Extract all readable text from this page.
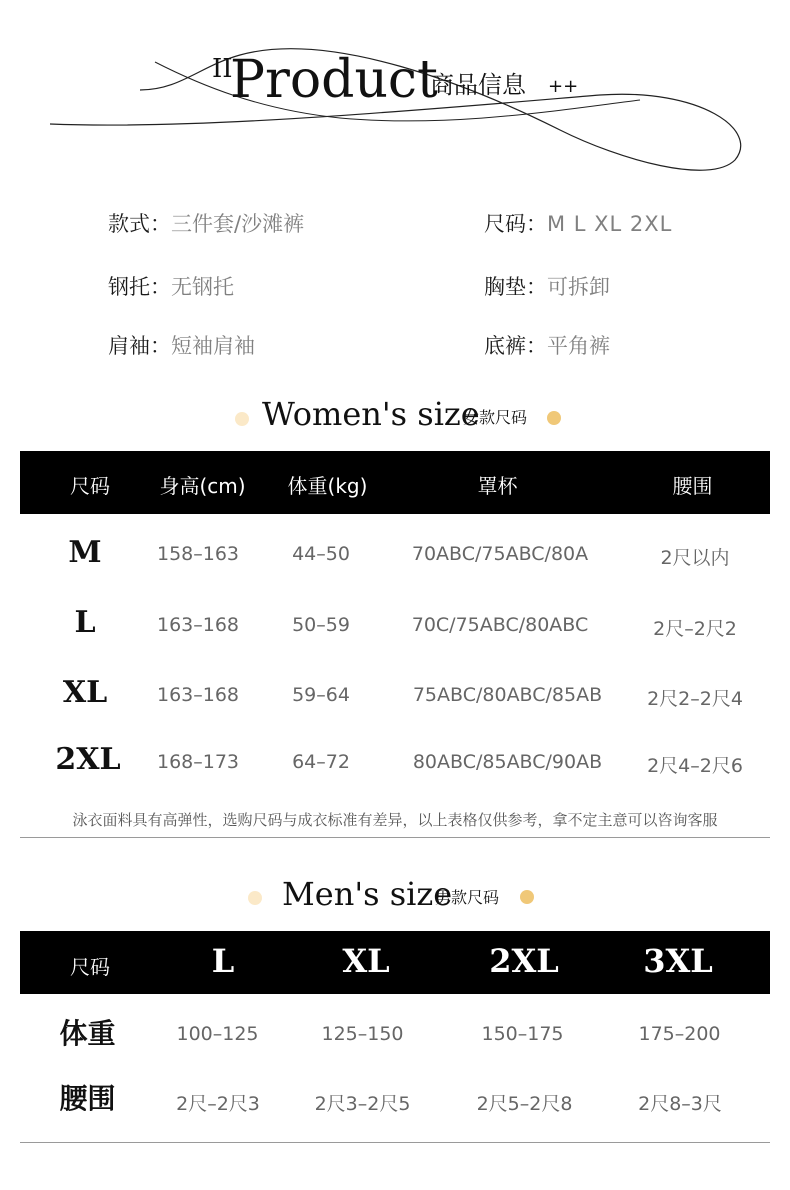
II
Product
商品信息 ++
款式：三件套/沙滩裤	尺码：M L XL 2XL
钢托：无钢托	胸垫：可拆卸
肩袖：短袖肩袖	底裤：平角裤
Women's size
女款尺码
尺码	身高(cm)	体重(kg)	罩杯	腰围
M	158–163	44–50	70ABC/75ABC/80A	2尺以内
L	163–168	50–59	70C/75ABC/80ABC	2尺–2尺2
XL	163–168	59–64	75ABC/80ABC/85AB	2尺2–2尺4
2XL	168–173	64–72	80ABC/85ABC/90AB	2尺4–2尺6
泳衣面料具有高弹性，选购尺码与成衣标准有差异，以上表格仅供参考，拿不定主意可以咨询客服
Men's size
男款尺码
尺码	L	XL	2XL	3XL
体重	100–125	125–150	150–175	175–200
腰围	2尺–2尺3	2尺3–2尺5	2尺5–2尺8	2尺8–3尺
